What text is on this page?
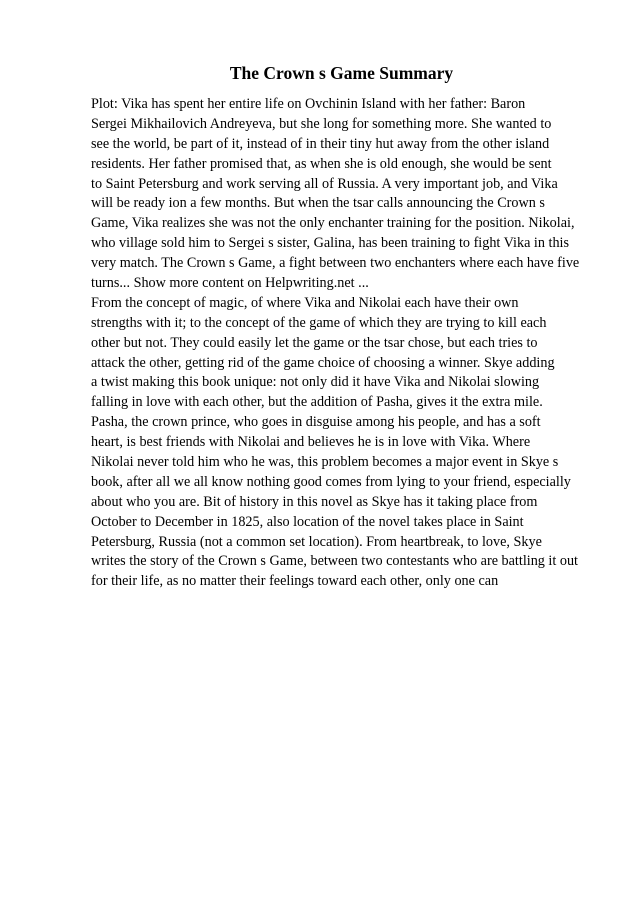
The Crown s Game Summary
Plot: Vika has spent her entire life on Ovchinin Island with her father: Baron
Sergei Mikhailovich Andreyeva, but she long for something more. She wanted to
see the world, be part of it, instead of in their tiny hut away from the other island
residents. Her father promised that, as when she is old enough, she would be sent
to Saint Petersburg and work serving all of Russia. A very important job, and Vika
will be ready ion a few months. But when the tsar calls announcing the Crown s
Game, Vika realizes she was not the only enchanter training for the position. Nikolai,
who village sold him to Sergei s sister, Galina, has been training to fight Vika in this
very match. The Crown s Game, a fight between two enchanters where each have five
turns... Show more content on Helpwriting.net ...
From the concept of magic, of where Vika and Nikolai each have their own
strengths with it; to the concept of the game of which they are trying to kill each
other but not. They could easily let the game or the tsar chose, but each tries to
attack the other, getting rid of the game choice of choosing a winner. Skye adding
a twist making this book unique: not only did it have Vika and Nikolai slowing
falling in love with each other, but the addition of Pasha, gives it the extra mile.
Pasha, the crown prince, who goes in disguise among his people, and has a soft
heart, is best friends with Nikolai and believes he is in love with Vika. Where
Nikolai never told him who he was, this problem becomes a major event in Skye s
book, after all we all know nothing good comes from lying to your friend, especially
about who you are. Bit of history in this novel as Skye has it taking place from
October to December in 1825, also location of the novel takes place in Saint
Petersburg, Russia (not a common set location). From heartbreak, to love, Skye
writes the story of the Crown s Game, between two contestants who are battling it out
for their life, as no matter their feelings toward each other, only one can
